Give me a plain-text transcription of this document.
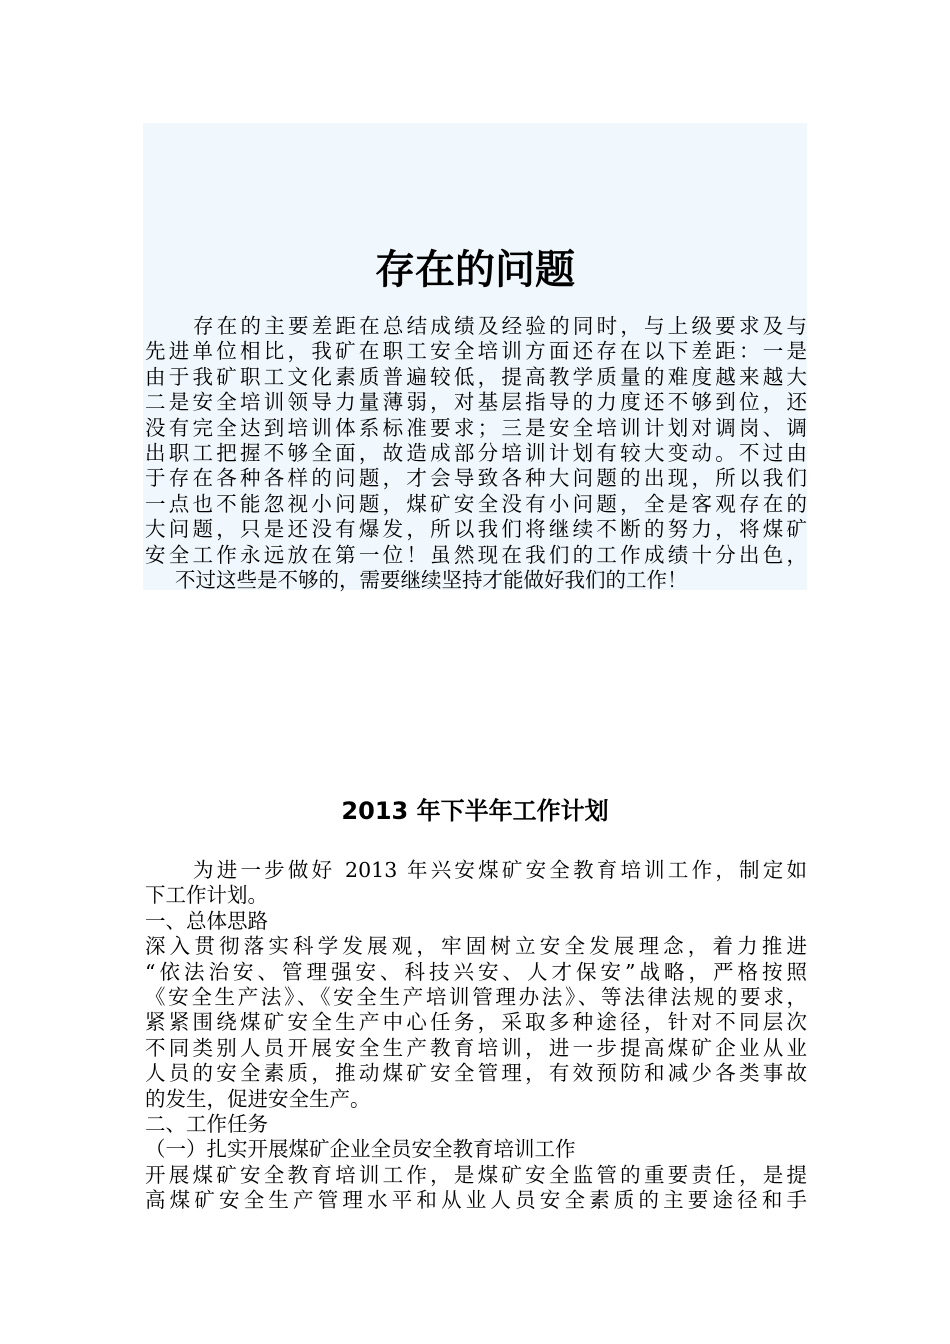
存在的问题
存在的主要差距在总结成绩及经验的同时，与上级要求及与
先进单位相比，我矿在职工安全培训方面还存在以下差距：一是
由于我矿职工文化素质普遍较低，提高教学质量的难度越来越大
二是安全培训领导力量薄弱，对基层指导的力度还不够到位，还
没有完全达到培训体系标准要求；三是安全培训计划对调岗、调
出职工把握不够全面，故造成部分培训计划有较大变动。不过由
于存在各种各样的问题，才会导致各种大问题的出现，所以我们
一点也不能忽视小问题，煤矿安全没有小问题，全是客观存在的
大问题，只是还没有爆发，所以我们将继续不断的努力，将煤矿
安全工作永远放在第一位！虽然现在我们的工作成绩十分出色，
不过这些是不够的，需要继续坚持才能做好我们的工作！
2013 年下半年工作计划
为进一步做好 2013 年兴安煤矿安全教育培训工作，制定如
下工作计划。
一、总体思路
深入贯彻落实科学发展观，牢固树立安全发展理念，着力推进
“依法治安、管理强安、科技兴安、人才保安”战略，严格按照
《安全生产法》、《安全生产培训管理办法》、等法律法规的要求，
紧紧围绕煤矿安全生产中心任务，采取多种途径，针对不同层次
不同类别人员开展安全生产教育培训，进一步提高煤矿企业从业
人员的安全素质，推动煤矿安全管理，有效预防和减少各类事故
的发生，促进安全生产。
二、工作任务
（一）扎实开展煤矿企业全员安全教育培训工作
开展煤矿安全教育培训工作，是煤矿安全监管的重要责任，是提
高煤矿安全生产管理水平和从业人员安全素质的主要途径和手
